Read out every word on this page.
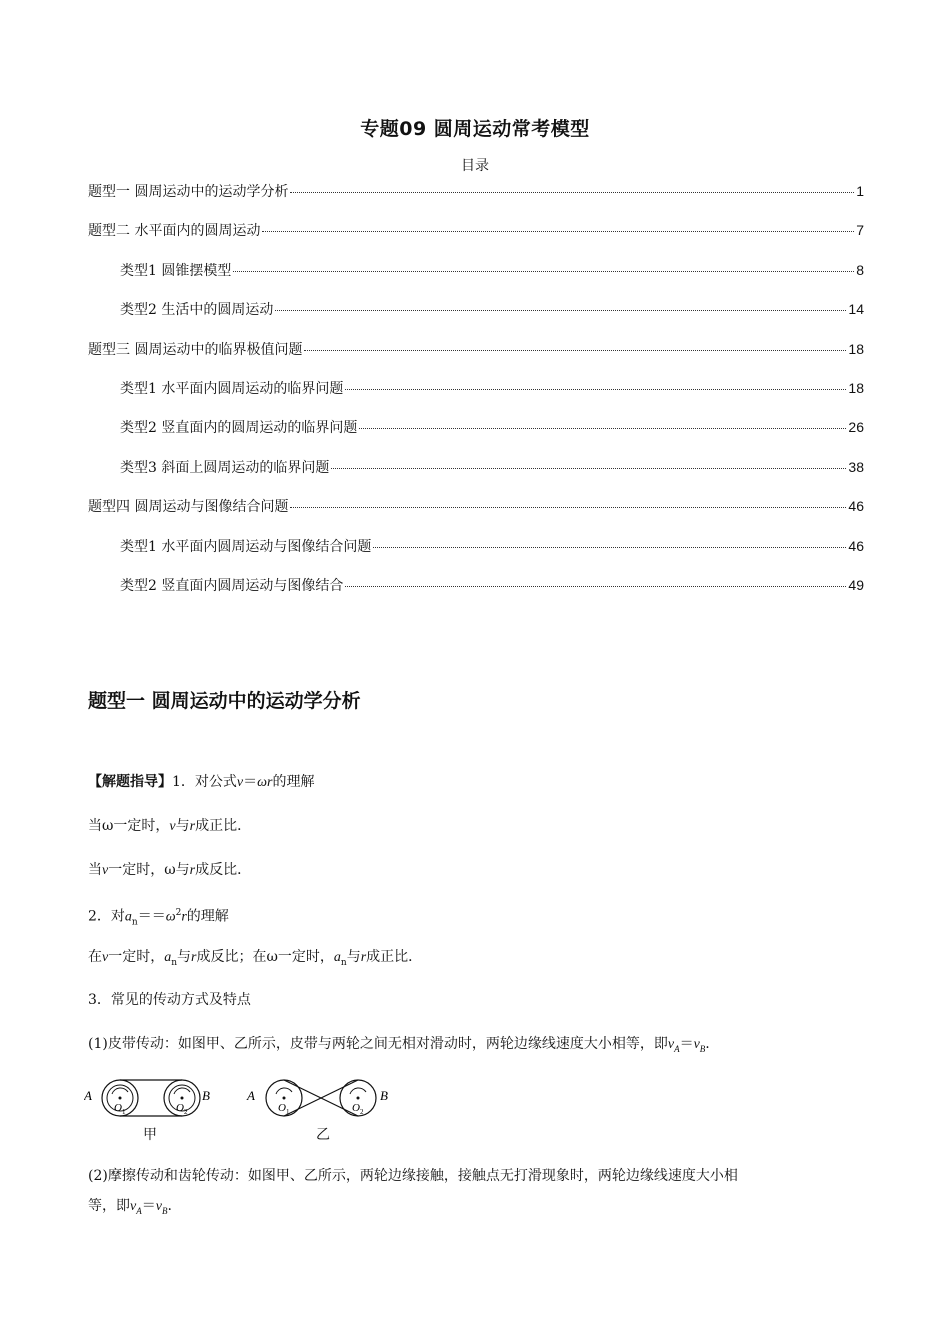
专题09 圆周运动常考模型
目录
题型一 圆周运动中的运动学分析	1
题型二 水平面内的圆周运动	7
类型1 圆锥摆模型	8
类型2 生活中的圆周运动	14
题型三 圆周运动中的临界极值问题	18
类型1 水平面内圆周运动的临界问题	18
类型2 竖直面内的圆周运动的临界问题	26
类型3 斜面上圆周运动的临界问题	38
题型四 圆周运动与图像结合问题	46
类型1 水平面内圆周运动与图像结合问题	46
类型2 竖直面内圆周运动与图像结合	49
题型一 圆周运动中的运动学分析
【解题指导】1．对公式v＝ωr的理解
当ω一定时，v与r成正比．
当v一定时，ω与r成反比．
2．对$a_n==\omega^2r$的理解
在v一定时，$a_n$与r成反比；在ω一定时，$a_n$与r成正比．
3．常见的传动方式及特点
(1)皮带传动：如图甲、乙所示，皮带与两轮之间无相对滑动时，两轮边缘线速度大小相等，即$v_A=v_B$.
A
O 1	O 2
B
甲
A
O 1	O 2
B
乙
(2)摩擦传动和齿轮传动：如图甲、乙所示，两轮边缘接触，接触点无打滑现象时，两轮边缘线速度大小相
等，即$v_A=v_B$.
